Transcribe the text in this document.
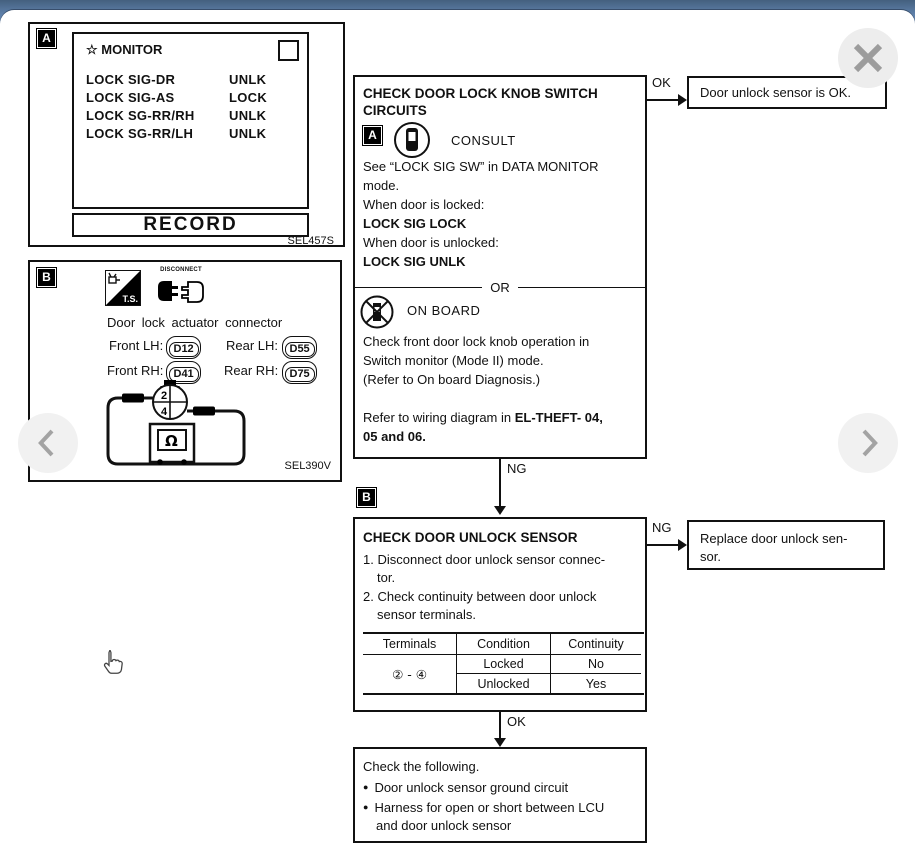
A
☆ MONITOR
LOCK SIG-DR	UNLK
LOCK SIG-AS	LOCK
LOCK SG-RR/RH	UNLK
LOCK SG-RR/LH	UNLK
RECORD
SEL457S
B
T.S.
DISCONNECT
Door lock actuator connector
Front LH: D12	Rear LH:	D55
Front RH: D41	Rear RH:	D75
2
4
Ω
SEL390V
CHECK DOOR LOCK KNOB SWITCH
CIRCUITS
A	CONSULT
See “LOCK SIG SW” in DATA MONITOR
mode.
When door is locked:
LOCK SIG LOCK
When door is unlocked:
LOCK SIG UNLK
OR
ON BOARD
Check front door lock knob operation in
Switch monitor (Mode II) mode.
(Refer to On board Diagnosis.)
Refer to wiring diagram in EL-THEFT- 04,
05 and 06.
OK
Door unlock sensor is OK.
NG
B
CHECK DOOR UNLOCK SENSOR
1. Disconnect door unlock sensor connec-
tor.
2. Check continuity between door unlock
sensor terminals.
Terminals	Condition	Continuity
② - ④
Locked	No
Unlocked	Yes
NG
Replace door unlock sen-
sor.
OK
Check the following.
● Door unlock sensor ground circuit
● Harness for open or short between LCU
and door unlock sensor
